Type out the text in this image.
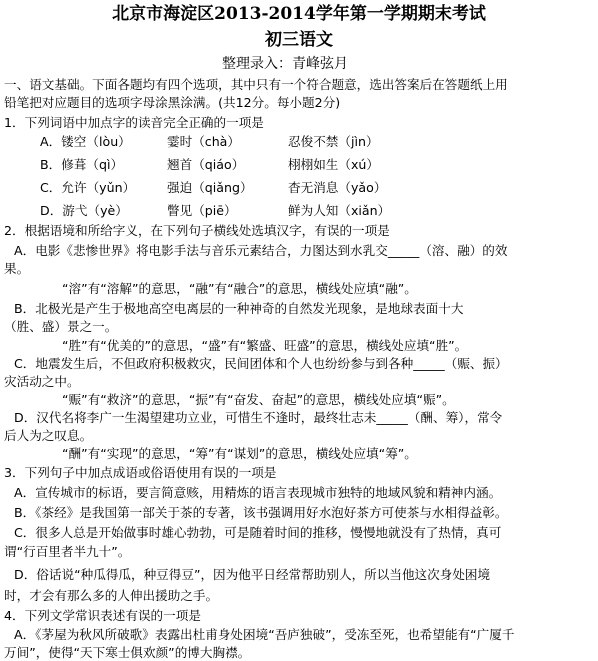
北京市海淀区2013-2014学年第一学期期末考试
初三语文
整理录入：青峰弦月
一、语文基础。下面各题均有四个选项，其中只有一个符合题意，选出答案后在答题纸上用
铅笔把对应题目的选项字母涂黑涂满。(共12分。每小题2分)
1．下列词语中加点字的读音完全正确的一项是
A．镂空（lòu）	霎时（chà）	忍俊不禁（jìn）
B．修葺（qì）	翘首（qiáo）	栩栩如生（xú）
C．允许（yǔn）	强迫（qiǎng）	杳无消息（yǎo）
D．游弋（yè）	瞥见（piē）	鲜为人知（xiǎn）
2．根据语境和所给字义，在下列句子横线处选填汉字，有误的一项是
A．电影《悲惨世界》将电影手法与音乐元素结合，力图达到水乳交_____（溶、融）的效
果。
“溶”有“溶解”的意思，“融”有“融合”的意思，横线处应填“融”。
B．北极光是产生于极地高空电离层的一种神奇的自然发光现象，是地球表面十大
（胜、盛）景之一。
“胜”有“优美的”的意思，“盛”有“繁盛、旺盛”的意思，横线处应填“胜”。
C．地震发生后，不但政府积极救灾，民间团体和个人也纷纷参与到各种_____（赈、振）
灾活动之中。
“赈”有“救济”的意思，“振”有“奋发、奋起”的意思，横线处应填“赈”。
D．汉代名将李广一生渴望建功立业，可惜生不逢时，最终壮志未_____（酬、筹），常令
后人为之叹息。
“酬”有“实现”的意思，“筹”有“谋划”的意思，横线处应填“筹”。
3．下列句子中加点成语或俗语使用有误的一项是
A．宣传城市的标语，要言简意赅，用精炼的语言表现城市独特的地域风貌和精神内涵。
B．《茶经》是我国第一部关于茶的专著，该书强调用好水泡好茶方可使茶与水相得益彰。
C．很多人总是开始做事时雄心勃勃，可是随着时间的推移，慢慢地就没有了热情，真可
谓“行百里者半九十”。
D．俗话说“种瓜得瓜，种豆得豆”，因为他平日经常帮助别人，所以当他这次身处困境
时，才会有那么多的人伸出援助之手。
4．下列文学常识表述有误的一项是
A．《茅屋为秋风所破歌》表露出杜甫身处困境“吾庐独破”，受冻至死，也希望能有“广厦千
万间”，使得“天下寒士俱欢颜”的博大胸襟。
